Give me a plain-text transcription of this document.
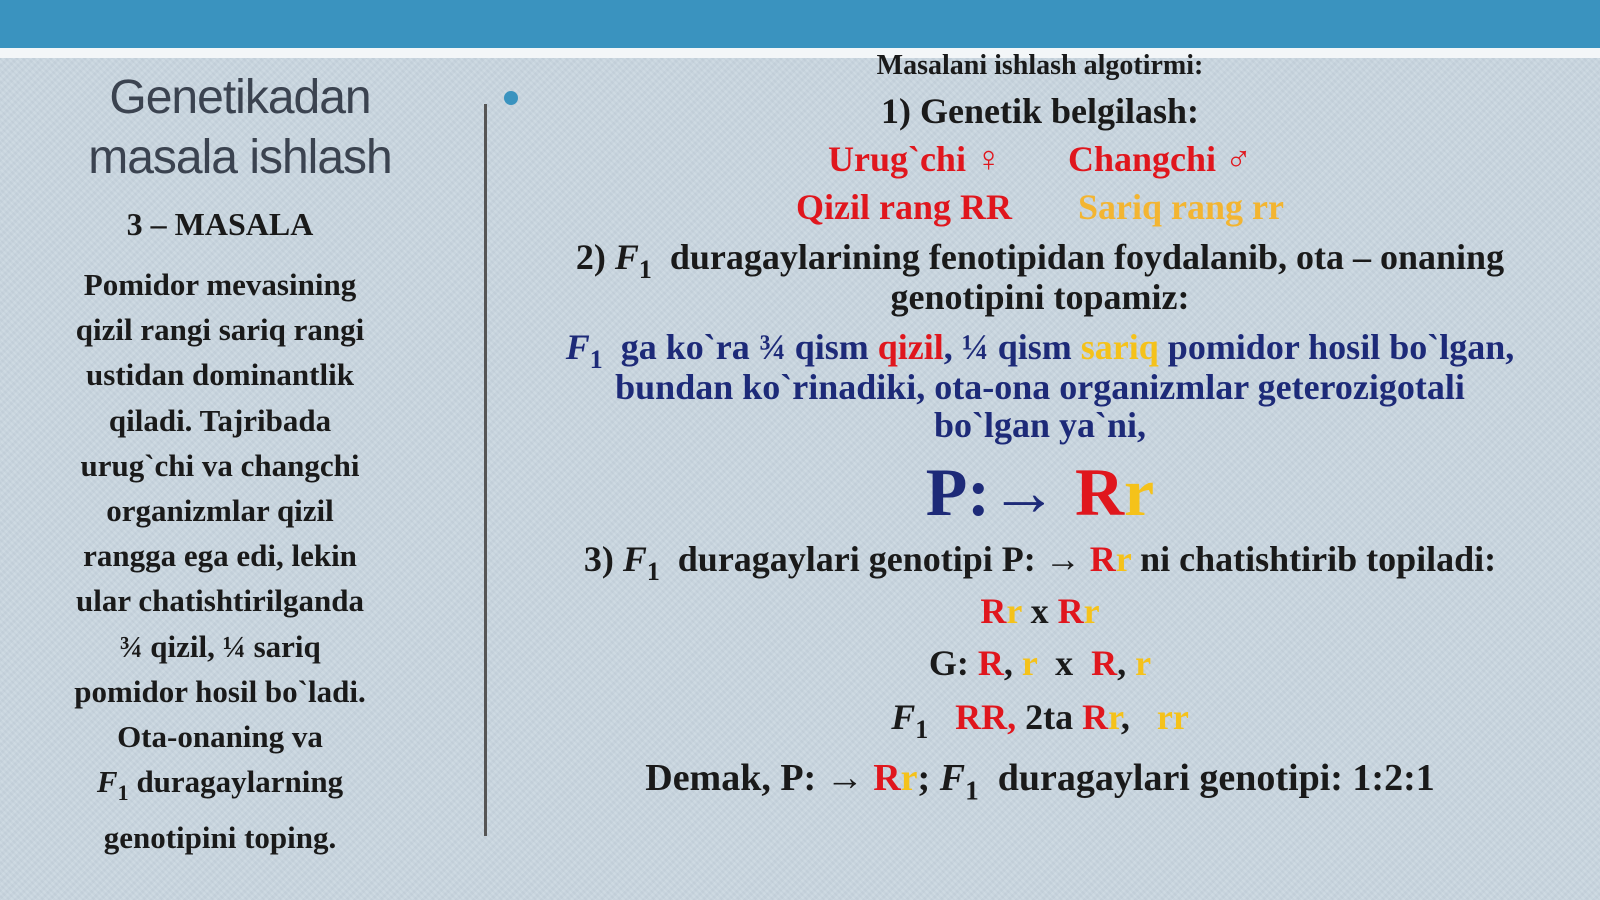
Genetikadan
masala ishlash
3 – MASALA
Pomidor mevasining
qizil rangi sariq rangi
ustidan dominantlik
qiladi. Tajribada
urug`chi va changchi
organizmlar qizil
rangga ega edi, lekin
ular chatishtirilganda
¾ qizil, ¼ sariq
pomidor hosil bo`ladi.
Ota-onaning va
$F_1$ duragaylarning
genotipini toping.
Masalani ishlash algotirmi:
1) Genetik belgilash:
Urug`chi ♀ Changchi ♂
Qizil rang RR Sariq rang rr
2) $F_1$ duragaylarining fenotipidan foydalanib, ota – onaning
genotipini topamiz:
$F_1$ ga ko`ra ¾ qism qizil, ¼ qism sariq pomidor hosil bo`lgan,
bundan ko`rinadiki, ota-ona organizmlar geterozigotali
bo`lgan ya`ni,
P:→ Rr
3) $F_1$ duragaylari genotipi P: → Rr ni chatishtirib topiladi:
Rr x Rr
G: R, r x R, r
$F_1$ RR, 2ta Rr, rr
Demak, P: → Rr; $F_1$ duragaylari genotipi: 1:2:1
